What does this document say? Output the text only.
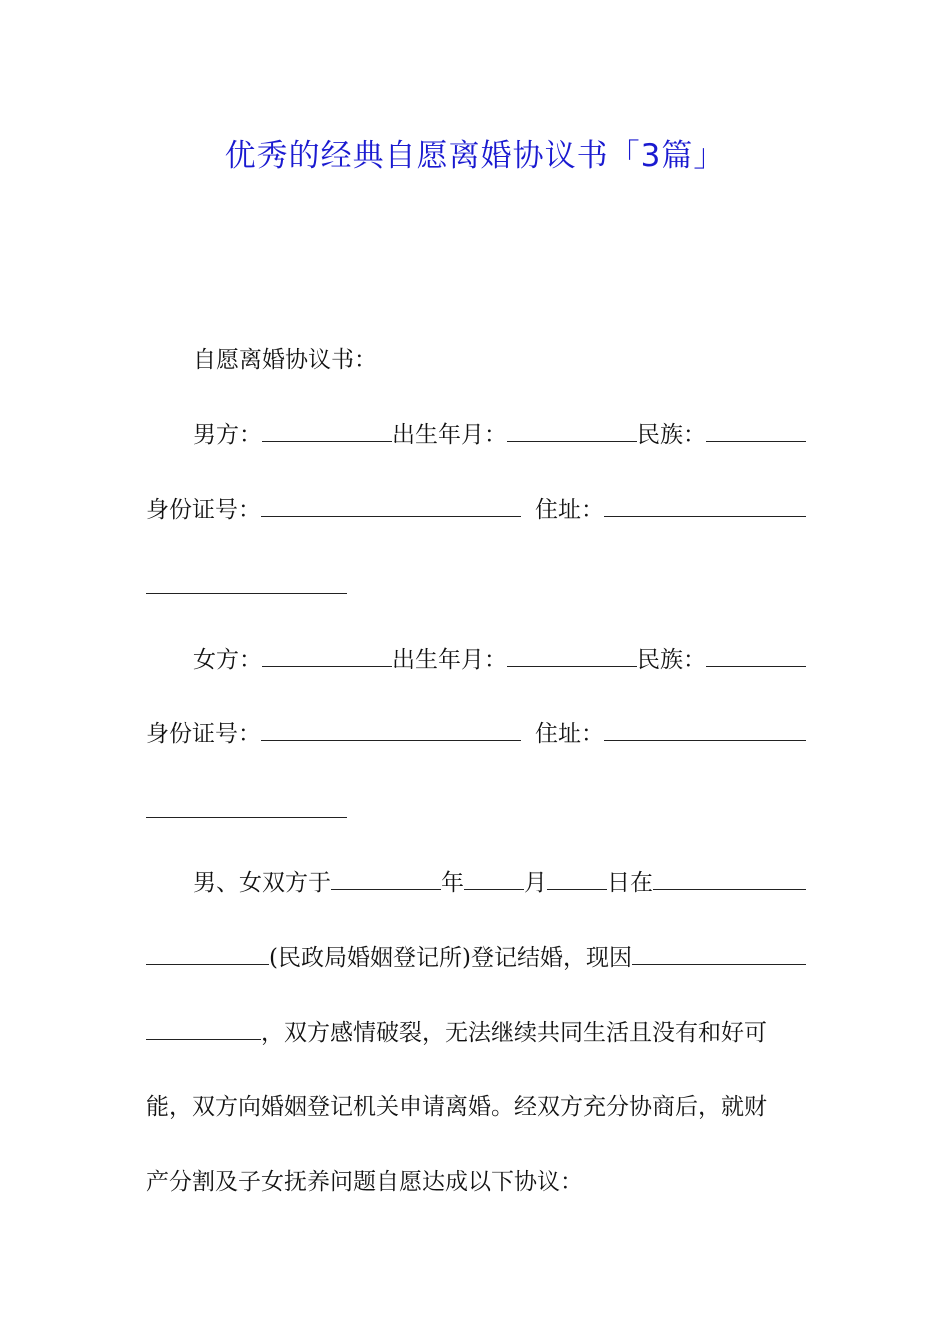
优秀的经典自愿离婚协议书「3篇」
自愿离婚协议书：
男方：	出生年月：	民族：
身份证号：	住址：
女方：	出生年月：	民族：
身份证号：	住址：
男、女双方于	年	月	日在
(民政局婚姻登记所)登记结婚，现因
，双方感情破裂，无法继续共同生活且没有和好可
能，双方向婚姻登记机关申请离婚。经双方充分协商后，就财
产分割及子女抚养问题自愿达成以下协议：
